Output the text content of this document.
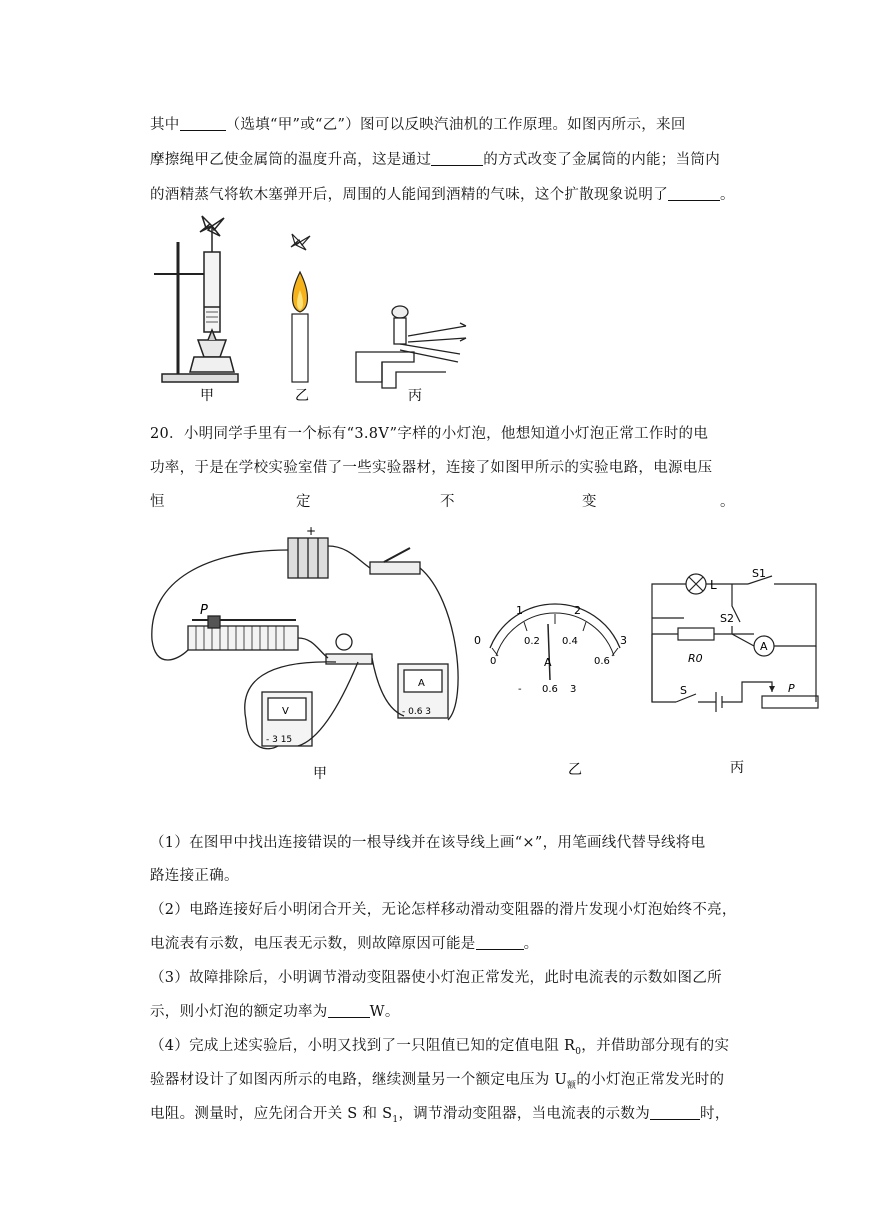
其中	（选填“甲”或“乙”）图可以反映汽油机的工作原理。如图丙所示，来回
摩擦绳甲乙使金属筒的温度升高，这是通过	的方式改变了金属筒的内能；当筒内
的酒精蒸气将软木塞弹开后，周围的人能闻到酒精的气味，这个扩散现象说明了	。
甲	乙	丙
20．小明同学手里有一个标有“3.8V”字样的小灯泡，他想知道小灯泡正常工作时的电
功率，于是在学校实验室借了一些实验器材，连接了如图甲所示的实验电路，电源电压
恒	定	不	变	。
+
P
V
A
- 3 15
- 0.6 3
甲
0
1	2
3
0
0.2 0.4
0.6
A
- 0.6 3
乙
L
S1
S2
R0
A
S	P
丙
（1）在图甲中找出连接错误的一根导线并在该导线上画“×”，用笔画线代替导线将电
路连接正确。
（2）电路连接好后小明闭合开关，无论怎样移动滑动变阻器的滑片发现小灯泡始终不亮，
电流表有示数，电压表无示数，则故障原因可能是	。
（3）故障排除后，小明调节滑动变阻器使小灯泡正常发光，此时电流表的示数如图乙所
示，则小灯泡的额定功率为	W。
（4）完成上述实验后，小明又找到了一只阻值已知的定值电阻 $R_0$，并借助部分现有的实
验器材设计了如图丙所示的电路，继续测量另一个额定电压为 $U_额$的小灯泡正常发光时的
电阻。测量时，应先闭合开关 S 和 $S_1$，调节滑动变阻器，当电流表的示数为	时，
